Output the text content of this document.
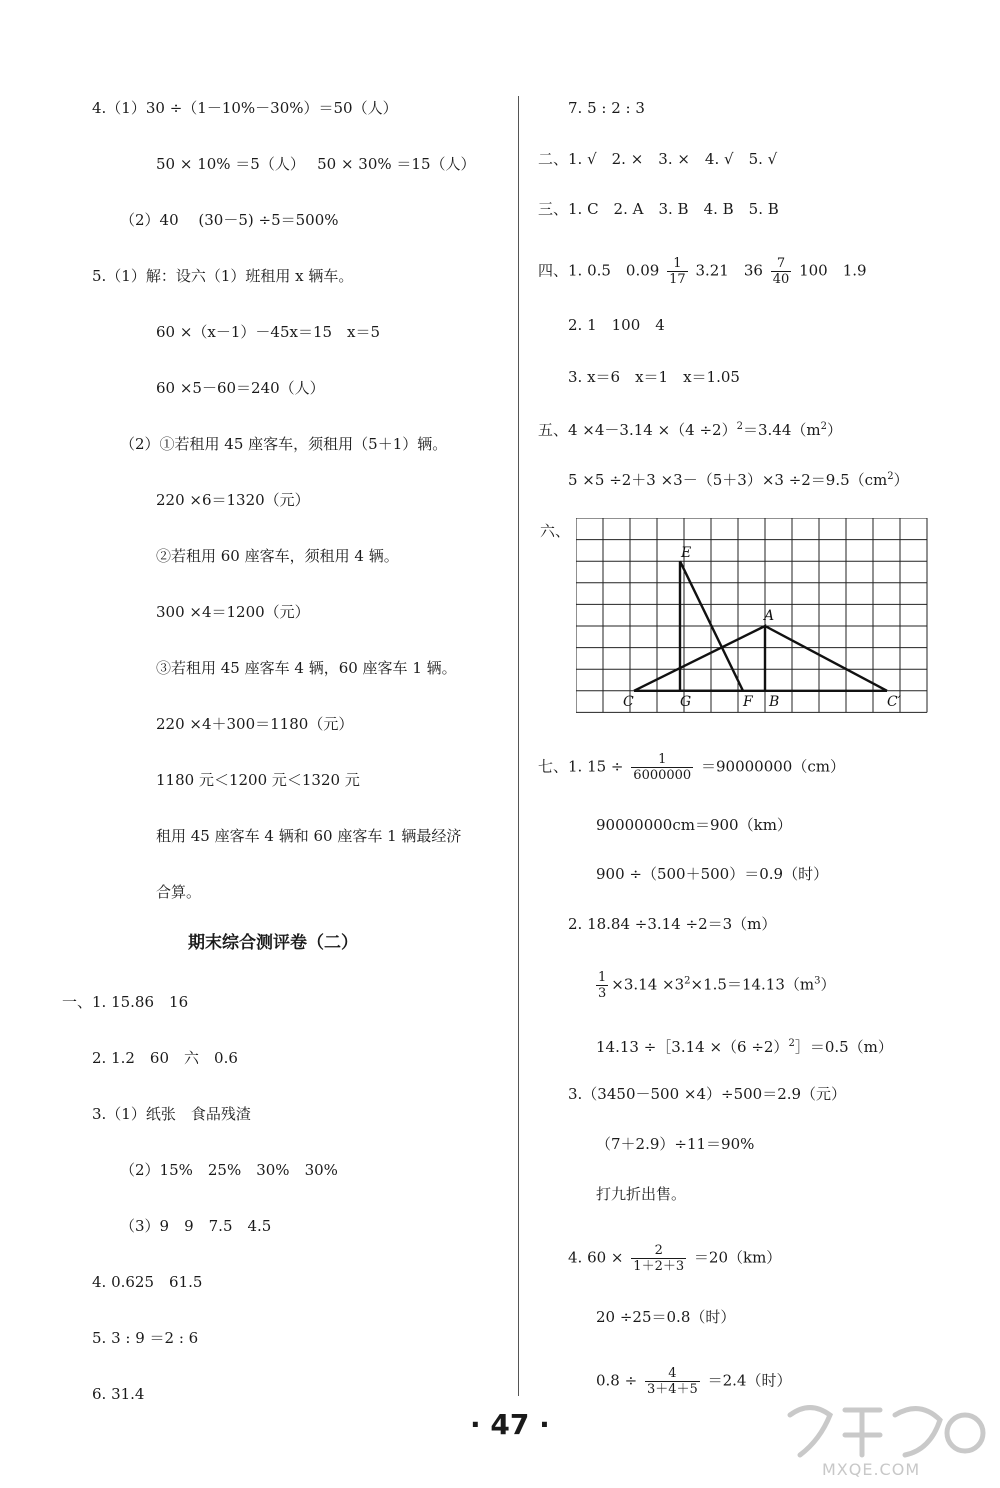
4.（1）30 ÷（1－10%－30%）＝50（人）
50 × 10% ＝5（人）　 50 × 30% ＝15（人）
（2）40　 (30－5) ÷5＝500%
5.（1）解：设六（1）班租用 x 辆车。
60 ×（x－1）－45x＝15　x＝5
60 ×5－60＝240（人）
（2）①若租用 45 座客车，须租用（5＋1）辆。
220 ×6＝1320（元）
②若租用 60 座客车，须租用 4 辆。
300 ×4＝1200（元）
③若租用 45 座客车 4 辆，60 座客车 1 辆。
220 ×4＋300＝1180（元）
1180 元＜1200 元＜1320 元
租用 45 座客车 4 辆和 60 座客车 1 辆最经济
合算。
期末综合测评卷（二）
一、1. 15.86　16
2. 1.2　60　六　0.6
3.（1）纸张　食品残渣
（2）15%　25%　30%　30%
（3）9　9　7.5　4.5
4. 0.625　61.5
5. 3 : 9 ＝2 : 6
6. 31.4
7. 5 : 2 : 3
二、1. √　2. ×　3. ×　4. √　5. √
三、1. C　2. A　3. B　4. B　5. B
四、1. 0.5　$0.09 \frac{1}{17} 3.21$　$36 \frac{7}{40} 100$　1.9
2. 1　100　4
3. x＝6　x＝1　x＝1.05
五、$4 \times 4-3.14 \times(4 \div 2)^2=3.44(m^2)$
$5 \times 5 \div 2+3 \times 3-(5+3)\times 3 \div 2=9.5(cm^2)$
六、
E
A
C	G	F B	C′
七、1. $15 \div \frac{1}{6000000} =90000000(cm)$
90000000cm＝900（km）
900 ÷（500＋500）＝0.9（时）
2. 18.84 ÷3.14 ÷2＝3（m）
$\frac{1}{3} \times 3.14 \times 3^2\times 1.5=14.13(m^3)$
14.13 ÷［3.14 $\times(6 \div 2)^2]=0.5(m)$
3.（3450－500 ×4）÷500＝2.9（元）
（7＋2.9）÷11＝90%
打九折出售。
4. $60 \times \frac{2}{1+2+3} =20(km)$
20 ÷25＝0.8（时）
$0.8 \div \frac{4}{3+4+5} =2.4$（时）
· 47 ·
MXQE.COM
